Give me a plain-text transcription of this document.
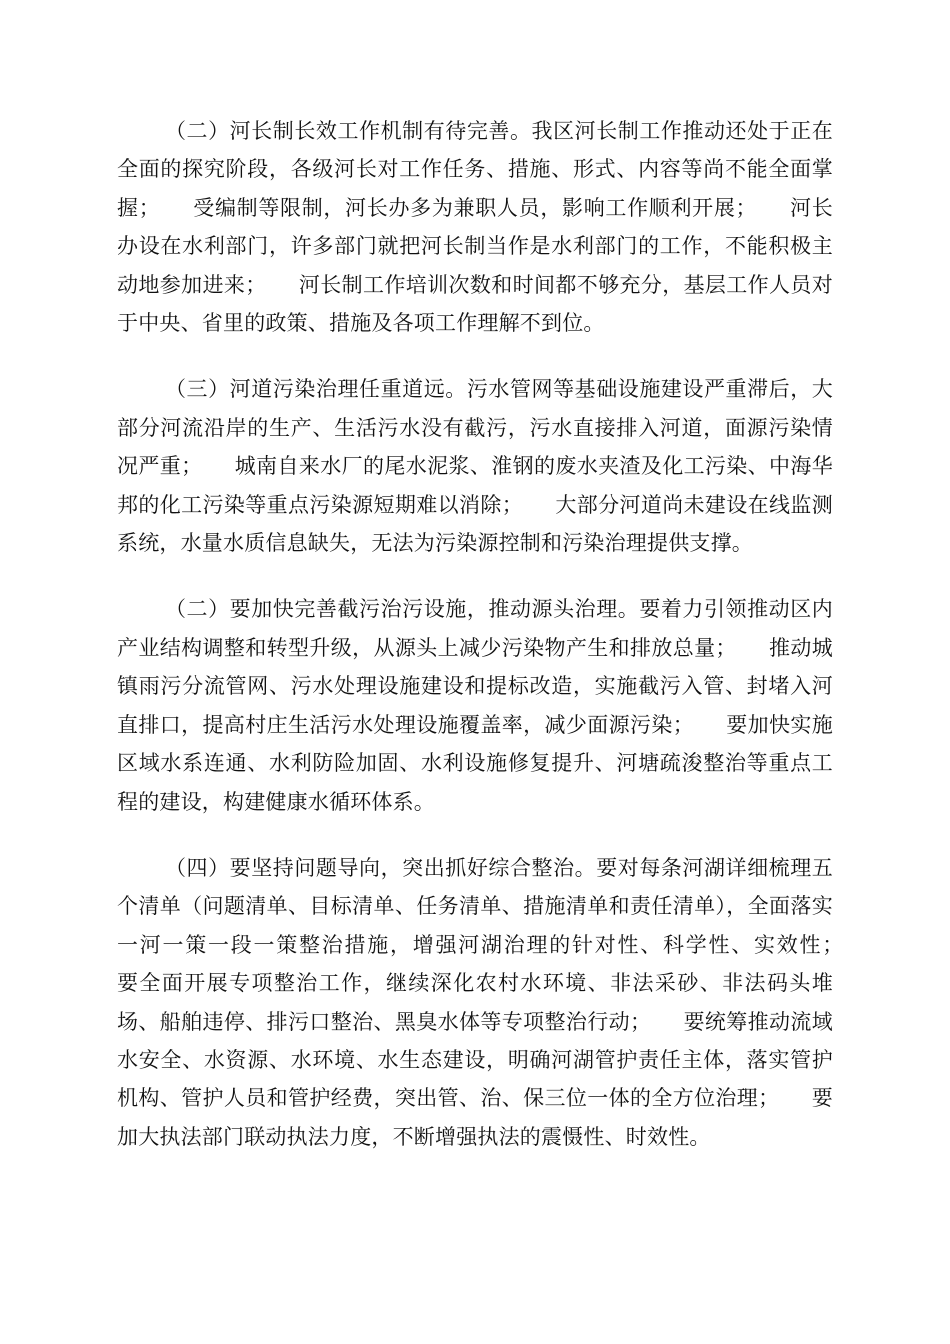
（二）河长制长效工作机制有待完善。我区河长制工作推动还处于正在全面的探究阶段，各级河长对工作任务、措施、形式、内容等尚不能全面掌握；　　受编制等限制，河长办多为兼职人员，影响工作顺利开展；　　河长办设在水利部门，许多部门就把河长制当作是水利部门的工作，不能积极主动地参加进来；　　河长制工作培训次数和时间都不够充分，基层工作人员对于中央、省里的政策、措施及各项工作理解不到位。

（三）河道污染治理任重道远。污水管网等基础设施建设严重滞后，大部分河流沿岸的生产、生活污水没有截污，污水直接排入河道，面源污染情况严重；　　城南自来水厂的尾水泥浆、淮钢的废水夹渣及化工污染、中海华邦的化工污染等重点污染源短期难以消除；　　大部分河道尚未建设在线监测系统，水量水质信息缺失，无法为污染源控制和污染治理提供支撑。

（二）要加快完善截污治污设施，推动源头治理。要着力引领推动区内产业结构调整和转型升级，从源头上减少污染物产生和排放总量；　　推动城镇雨污分流管网、污水处理设施建设和提标改造，实施截污入管、封堵入河直排口，提高村庄生活污水处理设施覆盖率，减少面源污染；　　要加快实施区域水系连通、水利防险加固、水利设施修复提升、河塘疏浚整治等重点工程的建设，构建健康水循环体系。

（四）要坚持问题导向，突出抓好综合整治。要对每条河湖详细梳理五个清单（问题清单、目标清单、任务清单、措施清单和责任清单），全面落实一河一策一段一策整治措施，增强河湖治理的针对性、科学性、实效性；　　要全面开展专项整治工作，继续深化农村水环境、非法采砂、非法码头堆场、船舶违停、排污口整治、黑臭水体等专项整治行动；　　要统筹推动流域水安全、水资源、水环境、水生态建设，明确河湖管护责任主体，落实管护机构、管护人员和管护经费，突出管、治、保三位一体的全方位治理；　　要加大执法部门联动执法力度，不断增强执法的震慑性、时效性。
